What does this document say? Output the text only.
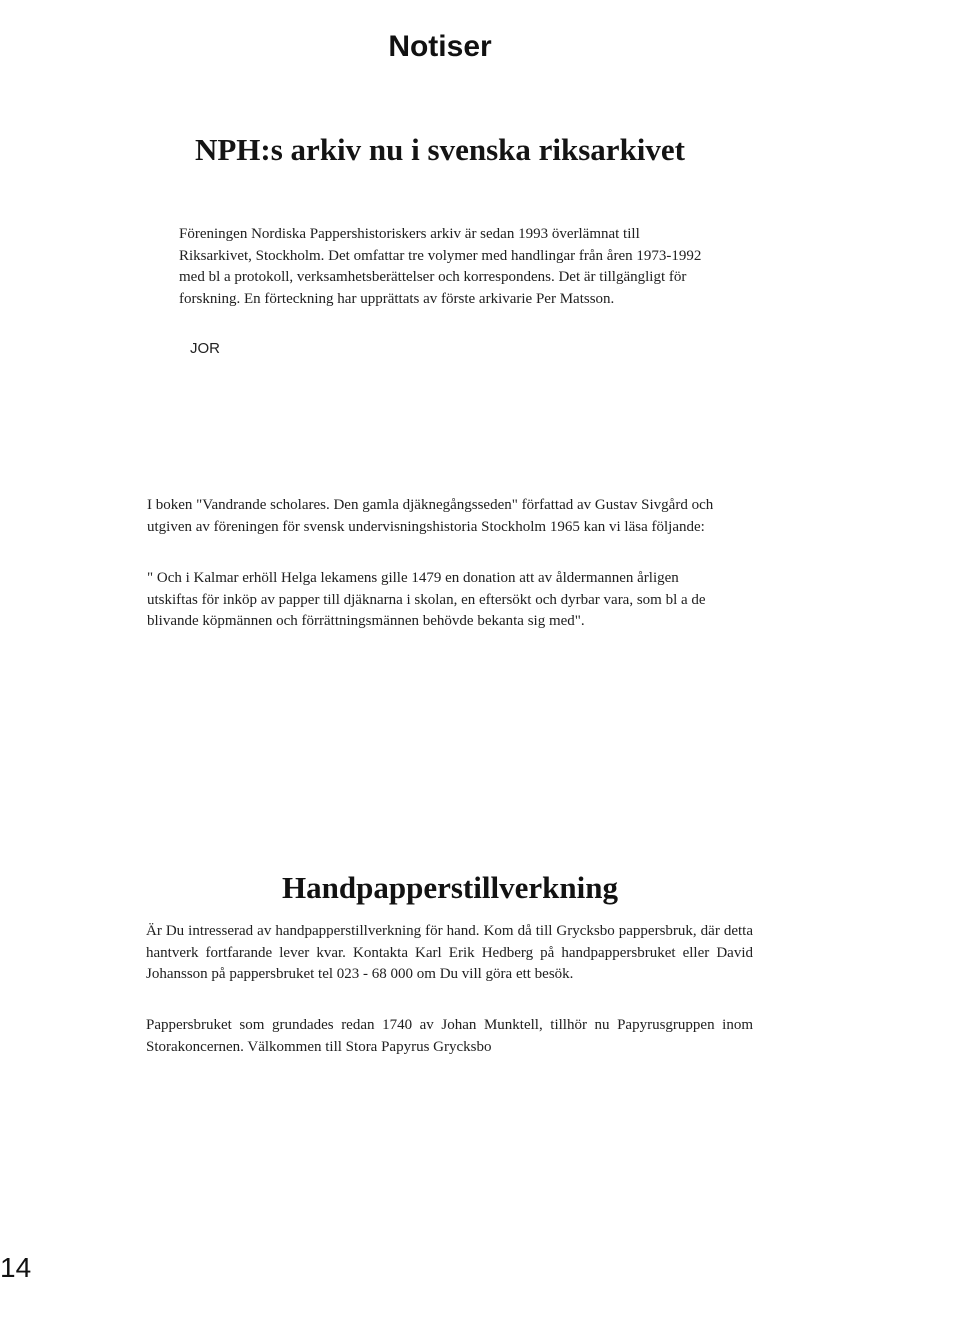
Notiser
NPH:s arkiv nu i svenska riksarkivet

Föreningen Nordiska Pappershistoriskers arkiv är sedan 1993 överlämnat till Riksarkivet, Stockholm. Det omfattar tre volymer med handlingar från åren 1973-1992 med bl a protokoll, verksamhetsberättelser och korrespondens. Det är tillgängligt för forskning. En förteckning har upprättats av förste arkivarie Per Matsson.

JOR

I boken "Vandrande scholares. Den gamla djäknegångsseden" författad av Gustav Sivgård och utgiven av föreningen för svensk undervisningshistoria Stockholm 1965 kan vi läsa följande:

" Och i Kalmar erhöll Helga lekamens gille 1479 en donation att av åldermannen årligen utskiftas för inköp av papper till djäknarna i skolan, en eftersökt och dyrbar vara, som bl a de blivande köpmännen och förrättningsmännen behövde bekanta sig med".

Handpapperstillverkning

Är Du intresserad av handpapperstillverkning för hand. Kom då till Grycksbo pappersbruk, där detta hantverk fortfarande lever kvar. Kontakta Karl Erik Hedberg på handpappersbruket eller David Johansson på pappersbruket tel 023 - 68 000 om Du vill göra ett besök.

Pappersbruket som grundades redan 1740 av Johan Munktell, tillhör nu Papyrusgruppen inom Storakoncernen. Välkommen till Stora Papyrus Grycksbo

14
